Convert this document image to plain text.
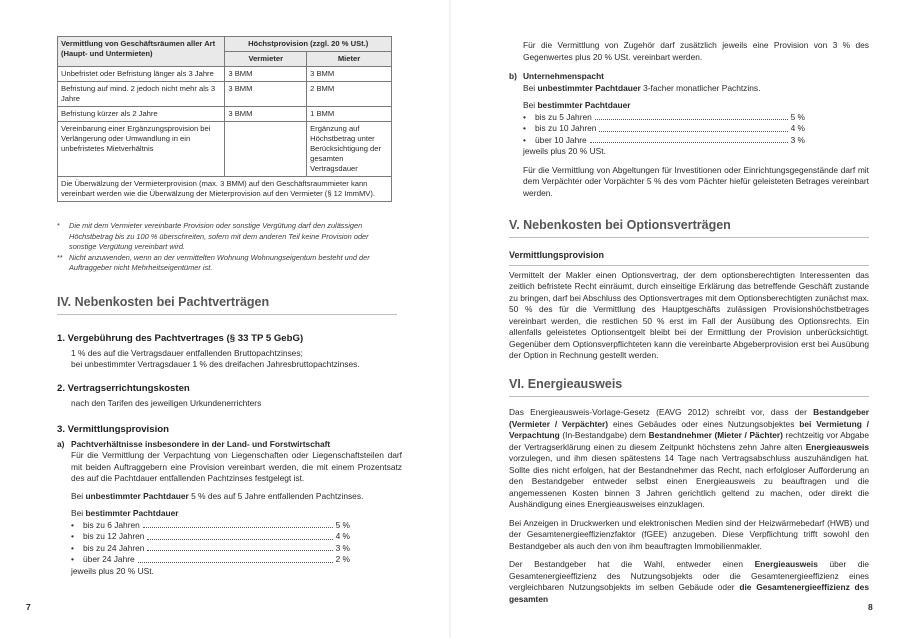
Vermittlung von Geschäftsräumen aller Art (Haupt- und Untermieten)	Höchstprovision (zzgl. 20 % USt.)	
	Vermieter	Mieter
Unbefristet oder Befristung länger als 3 Jahre	3 BMM	3 BMM
Befristung auf mind. 2 jedoch nicht mehr als 3 Jahre	3 BMM	2 BMM
Befristung kürzer als 2 Jahre	3 BMM	1 BMM
Vereinbarung einer Ergänzungsprovision bei Verlängerung oder Umwandlung in ein unbefristetes Mietverhältnis		Ergänzung auf Höchstbetrag unter Berücksichtigung der gesamten Vertragsdauer
Die Überwälzung der Vermieterprovision (max. 3 BMM) auf den Geschäftsraummieter kann vereinbart werden wie die Überwälzung der Mieterprovision auf den Vermieter (§ 12 ImmMV).		
*	Die mit dem Vermieter vereinbarte Provision oder sonstige Vergütung darf den zulässigen Höchstbetrag bis zu 100 % überschreiten, sofern mit dem anderen Teil keine Provision oder sonstige Vergütung vereinbart wird.
** Nicht anzuwenden, wenn an der vermittelten Wohnung Wohnungseigentum besteht und der Auftraggeber nicht Mehrheitseigentümer ist.
IV. Nebenkosten bei Pachtverträgen
1. Vergebührung des Pachtvertrages (§ 33 TP 5 GebG)
1 % des auf die Vertragsdauer entfallenden Bruttopachtzinses;
bei unbestimmter Vertragsdauer 1 % des dreifachen Jahresbruttopachtzinses.
2. Vertragserrichtungskosten
nach den Tarifen des jeweiligen Urkundenerrichters
3. Vermittlungsprovision
a) Pachtverhältnisse insbesondere in der Land- und Forstwirtschaft
Für die Vermittlung der Verpachtung von Liegenschaften oder Liegenschaftsteilen darf mit beiden Auftraggebern eine Provision vereinbart werden, die mit einem Prozentsatz des auf die Pachtdauer entfallenden Pachtzinses festgelegt ist.
Bei unbestimmter Pachtdauer 5 % des auf 5 Jahre entfallenden Pachtzinses.
Bei bestimmter Pachtdauer
•	bis zu 6 Jahren	5 %
•	bis zu 12 Jahren	4 %
•	bis zu 24 Jahren	3 %
•	über 24 Jahre	2 %
jeweils plus 20 % USt.
7
Für die Vermittlung von Zugehör darf zusätzlich jeweils eine Provision von 3 % des Gegenwertes plus 20 % USt. vereinbart werden.
b) Unternehmenspacht
Bei unbestimmter Pachtdauer 3-facher monatlicher Pachtzins.
Bei bestimmter Pachtdauer
•	bis zu 5 Jahren	5 %
•	bis zu 10 Jahren	4 %
•	über 10 Jahre	3 %
jeweils plus 20 % USt.
Für die Vermittlung von Abgeltungen für Investitionen oder Einrichtungsgegenstände darf mit dem Verpächter oder Vorpächter 5 % des vom Pächter hiefür geleisteten Betrages vereinbart werden.
V. Nebenkosten bei Optionsverträgen
Vermittlungsprovision
Vermittelt der Makler einen Optionsvertrag, der dem optionsberechtigten Interessenten das zeitlich befristete Recht einräumt, durch einseitige Erklärung das betreffende Geschäft zustande zu bringen, darf bei Abschluss des Optionsvertrages mit dem Optionsberechtigten zunächst max. 50 % des für die Vermittlung des Hauptgeschäfts zulässigen Provisionshöchstbetrages vereinbart werden, die restlichen 50 % erst im Fall der Ausübung des Optionsrechts. Ein allenfalls geleistetes Optionsentgelt bleibt bei der Ermittlung der Provision unberücksichtigt. Gegenüber dem Optionsverpflichteten kann die vereinbarte Abgeberprovision erst bei Ausübung der Option in Rechnung gestellt werden.
VI. Energieausweis
Das Energieausweis-Vorlage-Gesetz (EAVG 2012) schreibt vor, dass der Bestandgeber (Vermieter / Verpächter) eines Gebäudes oder eines Nutzungsobjektes bei Vermietung / Verpachtung (In-Bestandgabe) dem Bestandnehmer (Mieter / Pächter) rechtzeitig vor Abgabe der Vertragserklärung einen zu diesem Zeitpunkt höchstens zehn Jahre alten Energieausweis vorzulegen, und ihm diesen spätestens 14 Tage nach Vertragsabschluss auszuhändigen hat. Sollte dies nicht erfolgen, hat der Bestandnehmer das Recht, nach erfolgloser Aufforderung an den Bestandgeber entweder selbst einen Energieausweis zu beauftragen und die angemessenen Kosten binnen 3 Jahren gerichtlich geltend zu machen, oder direkt die Aushändigung eines Energieausweises einzuklagen.
Bei Anzeigen in Druckwerken und elektronischen Medien sind der Heizwärmebedarf (HWB) und der Gesamtenergieeffizienzfaktor (fGEE) anzugeben. Diese Verpflichtung trifft sowohl den Bestandgeber als auch den von ihm beauftragten Immobilienmakler.
Der Bestandgeber hat die Wahl, entweder einen Energieausweis über die Gesamtenergieeffizienz des Nutzungsobjekts oder die Gesamtenergieeffizienz eines vergleichbaren Nutzungsobjekts im selben Gebäude oder die Gesamtenergieeffizienz des gesamten
8
